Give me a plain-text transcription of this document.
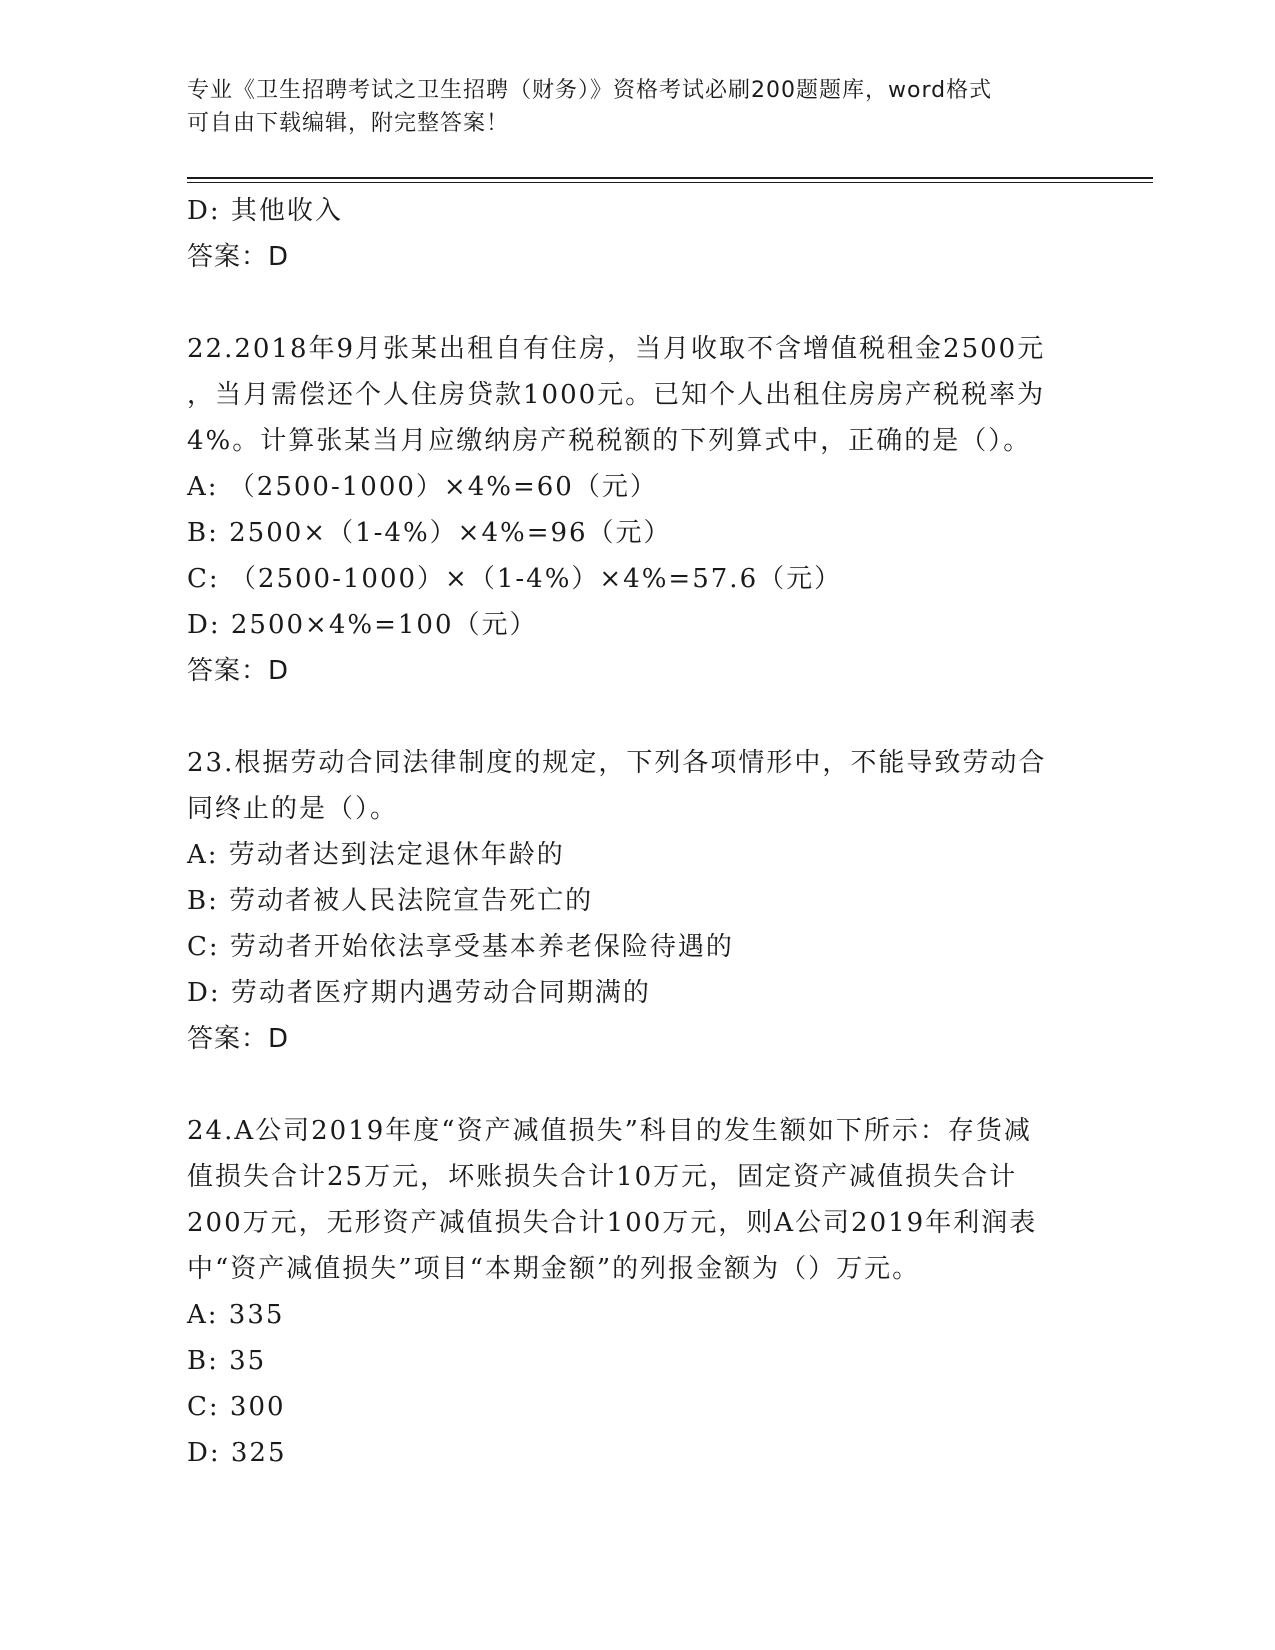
专业《卫生招聘考试之卫生招聘（财务）》资格考试必刷200题题库，word格式
可自由下载编辑，附完整答案！
D: 其他收入
答案：D
22.2018年9月张某出租自有住房，当月收取不含增值税租金2500元
，当月需偿还个人住房贷款1000元。已知个人出租住房房产税税率为
4%。计算张某当月应缴纳房产税税额的下列算式中，正确的是（）。
A: （2500-1000）×4%=60（元）
B: 2500×（1-4%）×4%=96（元）
C: （2500-1000）×（1-4%）×4%=57.6（元）
D: 2500×4%=100（元）
答案：D
23.根据劳动合同法律制度的规定，下列各项情形中，不能导致劳动合
同终止的是（）。
A: 劳动者达到法定退休年龄的
B: 劳动者被人民法院宣告死亡的
C: 劳动者开始依法享受基本养老保险待遇的
D: 劳动者医疗期内遇劳动合同期满的
答案：D
24.A公司2019年度“资产减值损失”科目的发生额如下所示：存货减
值损失合计25万元，坏账损失合计10万元，固定资产减值损失合计
200万元，无形资产减值损失合计100万元，则A公司2019年利润表
中“资产减值损失”项目“本期金额”的列报金额为（）万元。
A: 335
B: 35
C: 300
D: 325
